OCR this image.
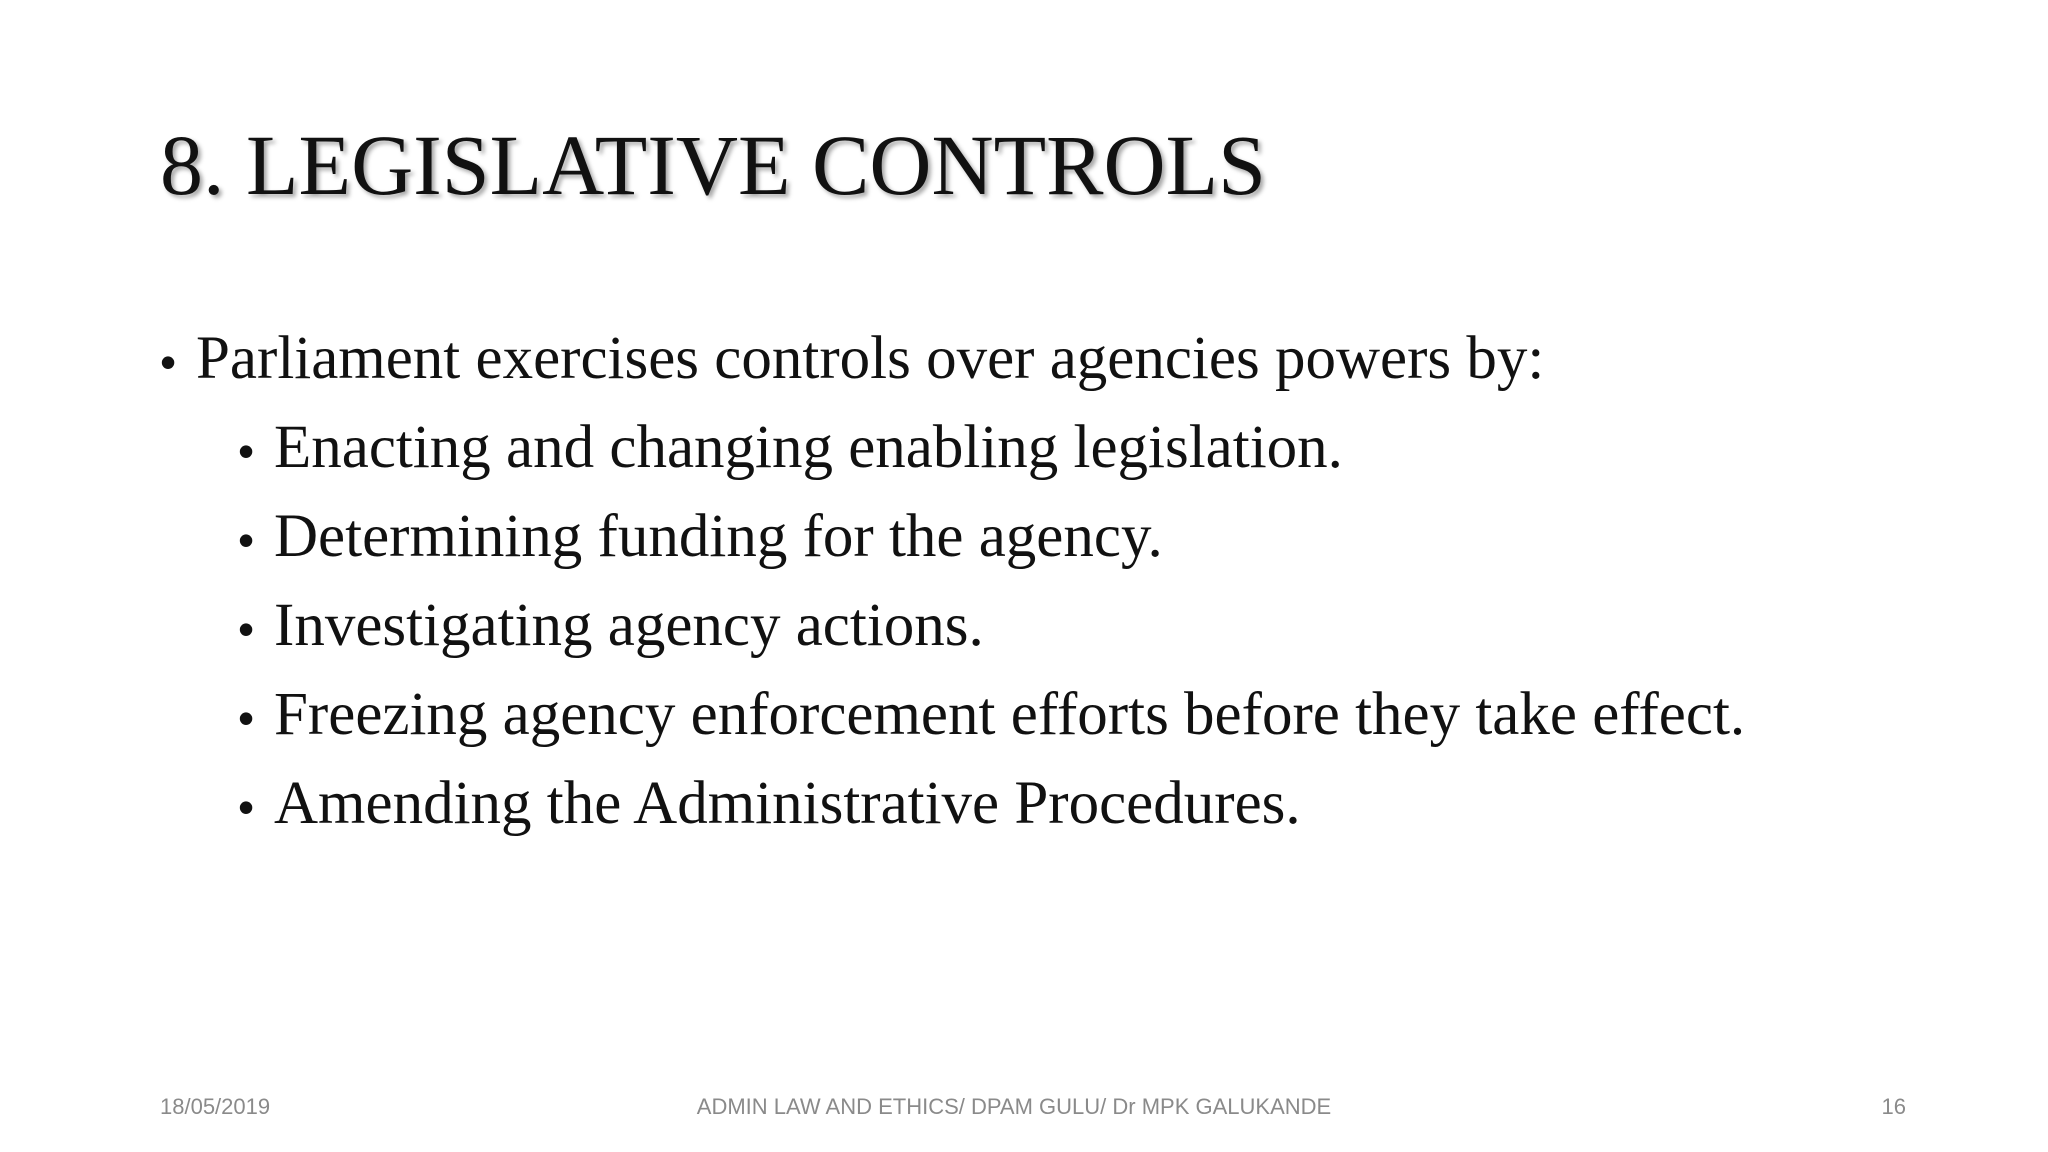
8. LEGISLATIVE CONTROLS
• Parliament exercises controls over agencies powers by:
• Enacting and changing enabling legislation.
• Determining funding for the agency.
• Investigating agency actions.
• Freezing agency enforcement efforts before they take effect.
• Amending the Administrative Procedures.
18/05/2019	ADMIN LAW AND ETHICS/ DPAM GULU/ Dr MPK GALUKANDE	16
